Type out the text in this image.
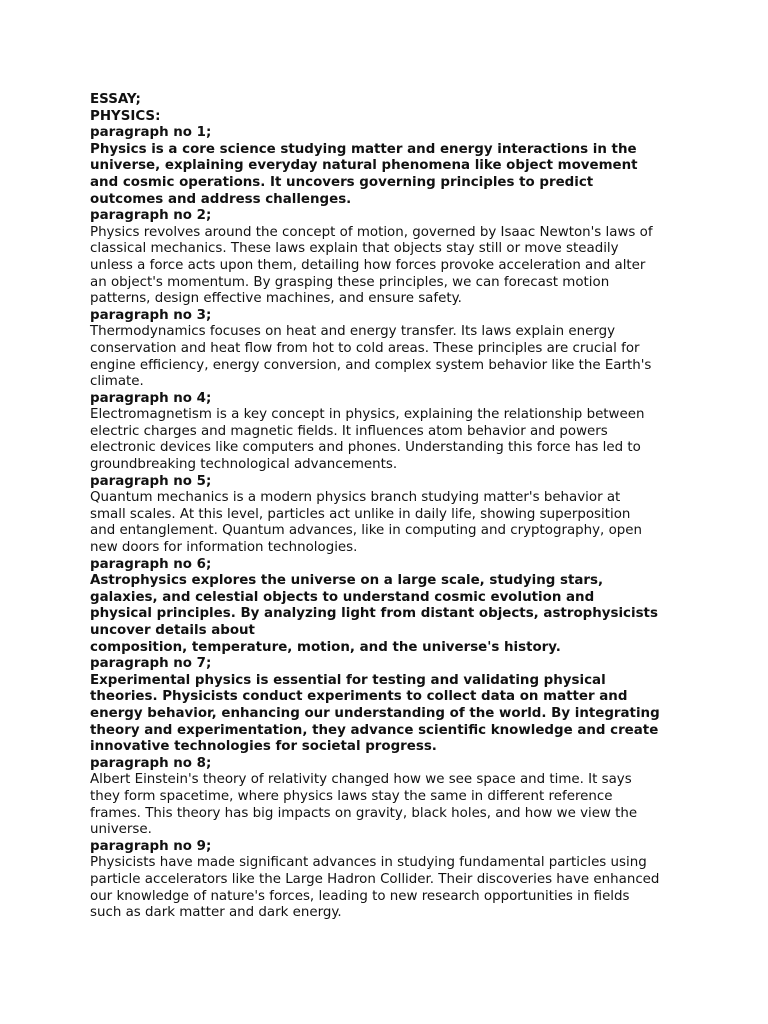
ESSAY;
PHYSICS:
paragraph no 1;
Physics is a core science studying matter and energy interactions in the
universe, explaining everyday natural phenomena like object movement
and cosmic operations. It uncovers governing principles to predict
outcomes and address challenges.
paragraph no 2;
Physics revolves around the concept of motion, governed by Isaac Newton's laws of
classical mechanics. These laws explain that objects stay still or move steadily
unless a force acts upon them, detailing how forces provoke acceleration and alter
an object's momentum. By grasping these principles, we can forecast motion
patterns, design effective machines, and ensure safety.
paragraph no 3;
Thermodynamics focuses on heat and energy transfer. Its laws explain energy
conservation and heat flow from hot to cold areas. These principles are crucial for
engine efficiency, energy conversion, and complex system behavior like the Earth's
climate.
paragraph no 4;
Electromagnetism is a key concept in physics, explaining the relationship between
electric charges and magnetic fields. It influences atom behavior and powers
electronic devices like computers and phones. Understanding this force has led to
groundbreaking technological advancements.
paragraph no 5;
Quantum mechanics is a modern physics branch studying matter's behavior at
small scales. At this level, particles act unlike in daily life, showing superposition
and entanglement. Quantum advances, like in computing and cryptography, open
new doors for information technologies.
paragraph no 6;
Astrophysics explores the universe on a large scale, studying stars,
galaxies, and celestial objects to understand cosmic evolution and
physical principles. By analyzing light from distant objects, astrophysicists
uncover details about
composition, temperature, motion, and the universe's history.
paragraph no 7;
Experimental physics is essential for testing and validating physical
theories. Physicists conduct experiments to collect data on matter and
energy behavior, enhancing our understanding of the world. By integrating
theory and experimentation, they advance scientific knowledge and create
innovative technologies for societal progress.
paragraph no 8;
Albert Einstein's theory of relativity changed how we see space and time. It says
they form spacetime, where physics laws stay the same in different reference
frames. This theory has big impacts on gravity, black holes, and how we view the
universe.
paragraph no 9;
Physicists have made significant advances in studying fundamental particles using
particle accelerators like the Large Hadron Collider. Their discoveries have enhanced
our knowledge of nature's forces, leading to new research opportunities in fields
such as dark matter and dark energy.
